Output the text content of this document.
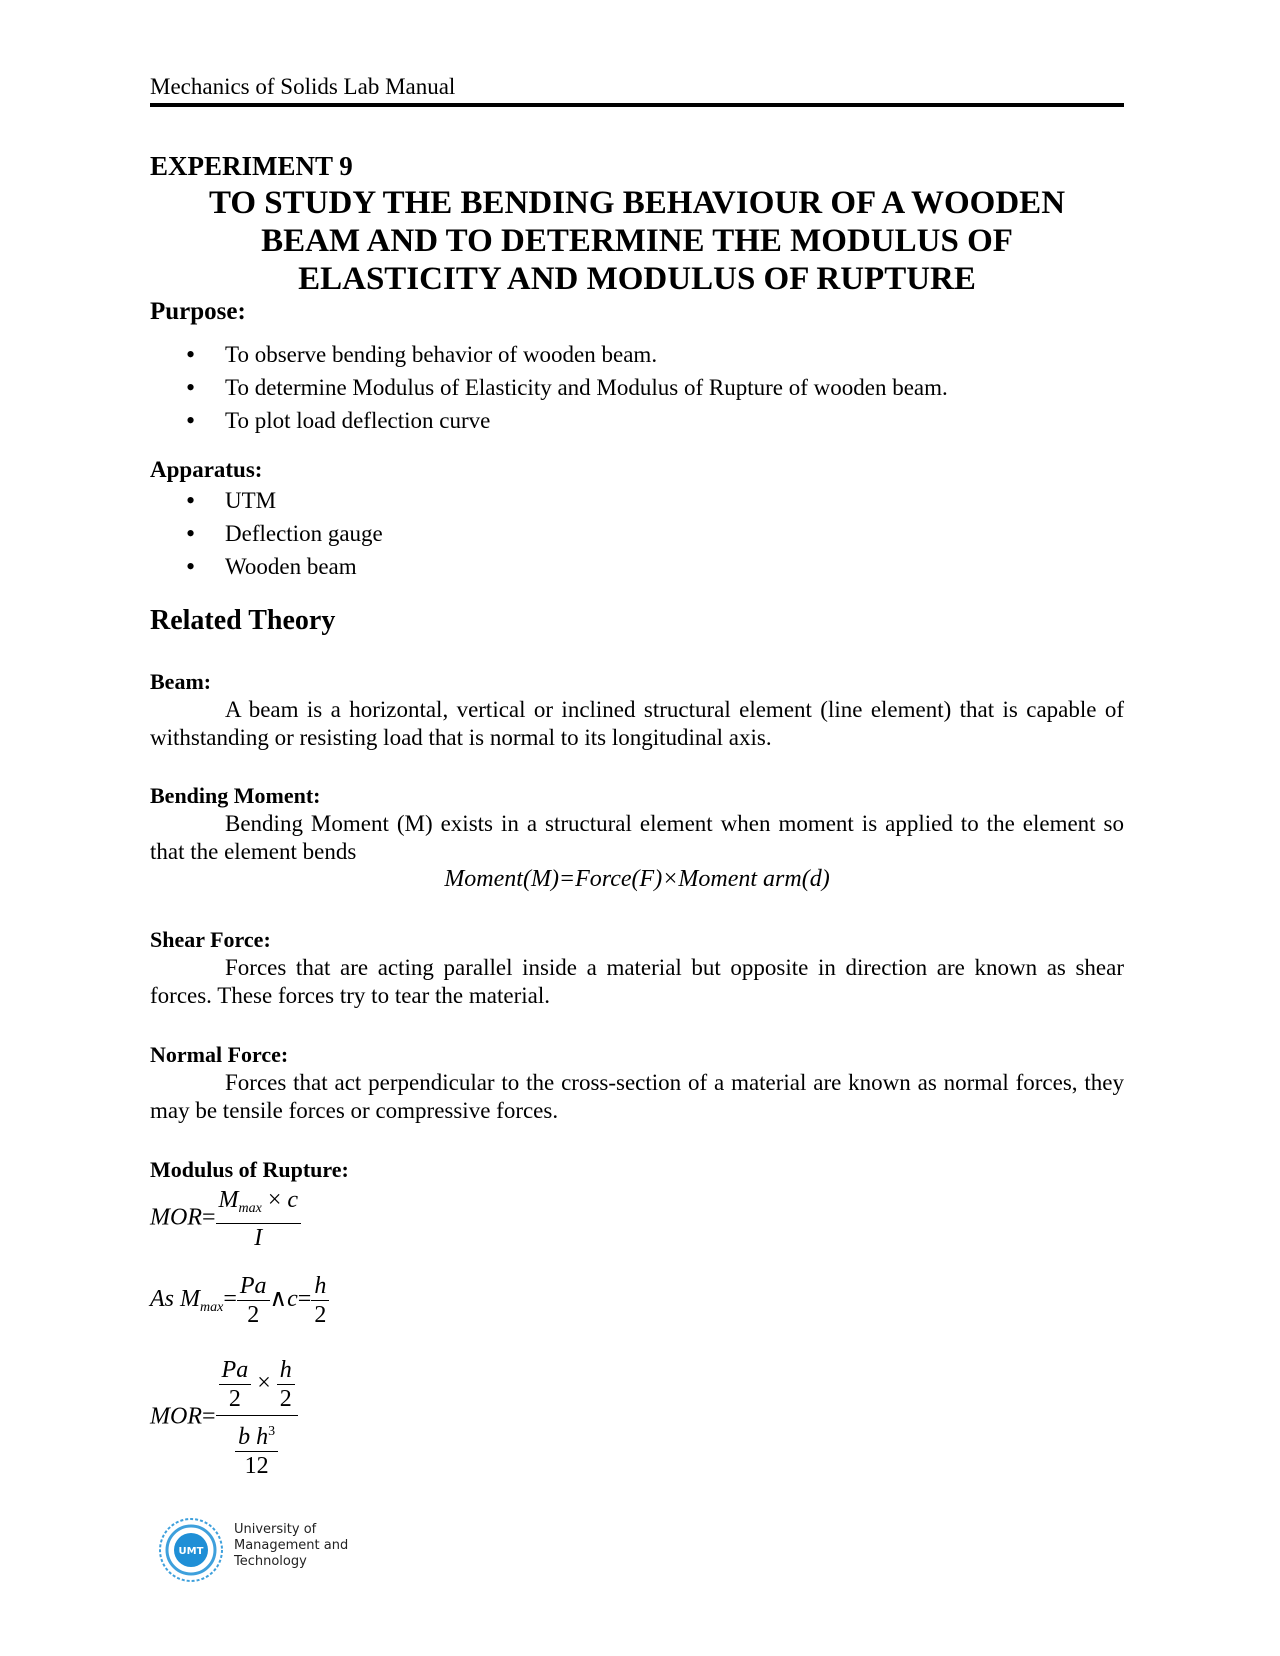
Mechanics of Solids Lab Manual
EXPERIMENT 9
TO STUDY THE BENDING BEHAVIOUR OF A WOODEN
BEAM AND TO DETERMINE THE MODULUS OF
ELASTICITY AND MODULUS OF RUPTURE
Purpose:
• To observe bending behavior of wooden beam.
• To determine Modulus of Elasticity and Modulus of Rupture of wooden beam.
• To plot load deflection curve
Apparatus:
• UTM
• Deflection gauge
• Wooden beam
Related Theory
Beam:
A beam is a horizontal, vertical or inclined structural element (line element) that is capable of withstanding or resisting load that is normal to its longitudinal axis.
Bending Moment:
Bending Moment (M) exists in a structural element when moment is applied to the element so that the element bends
Moment(M)=Force(F)×Moment arm(d)
Shear Force:
Forces that are acting parallel inside a material but opposite in direction are known as shear forces. These forces try to tear the material.
Normal Force:
Forces that act perpendicular to the cross-section of a material are known as normal forces, they may be tensile forces or compressive forces.
Modulus of Rupture:
$MOR= \frac{M_{max} \times c}{I}$
As $M_{max}= \frac{Pa}{2}$ ∧c= $\frac{h}{2}$
$MOR= \frac{\frac{Pa}{2} \times \frac{h}{2}}{\frac{b h^3}{12}}$
UMT
University of
Management and
Technology
